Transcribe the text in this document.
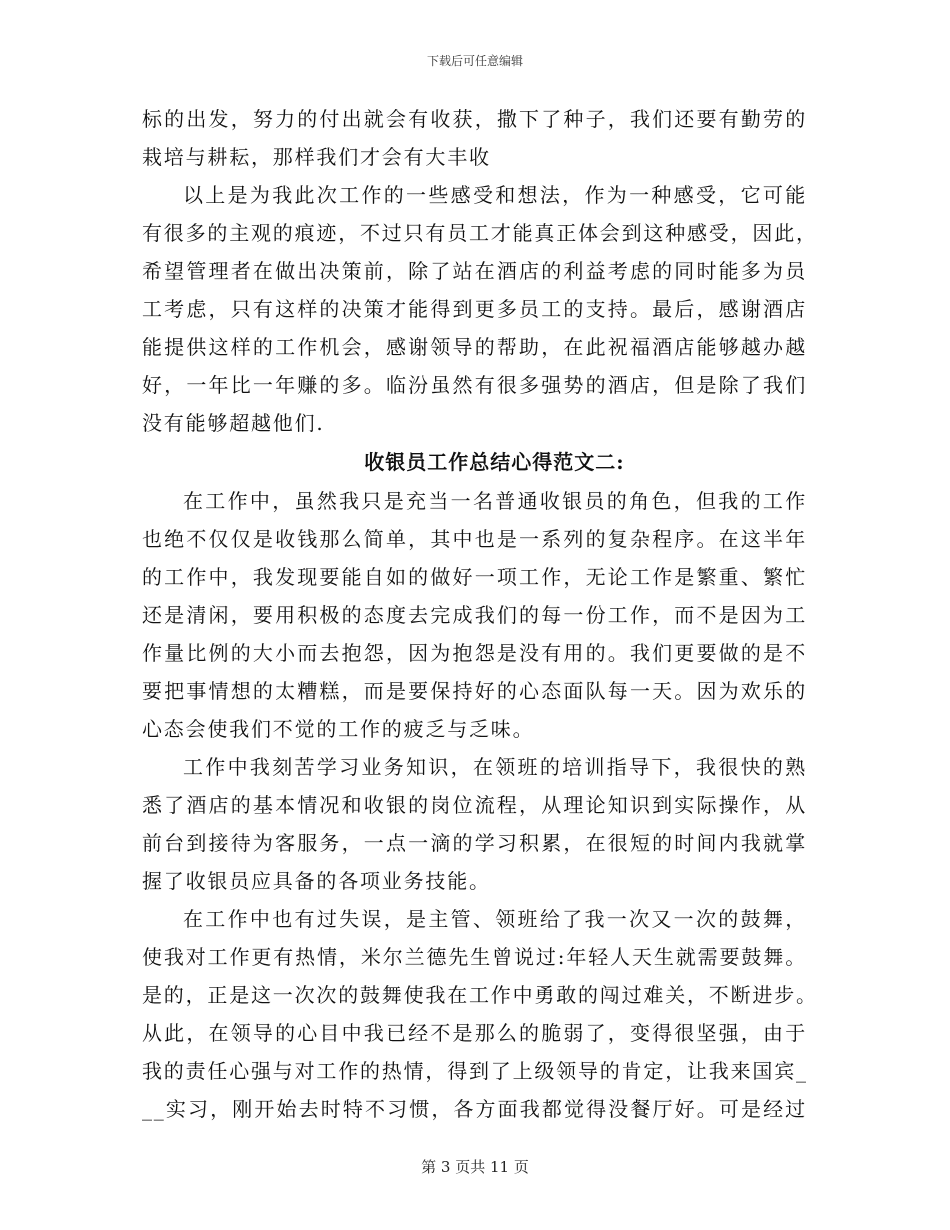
下载后可任意编辑
标的出发，努力的付出就会有收获，撒下了种子，我们还要有勤劳的
栽培与耕耘，那样我们才会有大丰收
以上是为我此次工作的一些感受和想法，作为一种感受，它可能
有很多的主观的痕迹，不过只有员工才能真正体会到这种感受，因此，
希望管理者在做出决策前，除了站在酒店的利益考虑的同时能多为员
工考虑，只有这样的决策才能得到更多员工的支持。最后，感谢酒店
能提供这样的工作机会，感谢领导的帮助，在此祝福酒店能够越办越
好，一年比一年赚的多。临汾虽然有很多强势的酒店，但是除了我们
没有能够超越他们.
收银员工作总结心得范文二:
在工作中，虽然我只是充当一名普通收银员的角色，但我的工作
也绝不仅仅是收钱那么简单，其中也是一系列的复杂程序。在这半年
的工作中，我发现要能自如的做好一项工作，无论工作是繁重、繁忙
还是清闲，要用积极的态度去完成我们的每一份工作，而不是因为工
作量比例的大小而去抱怨，因为抱怨是没有用的。我们更要做的是不
要把事情想的太糟糕，而是要保持好的心态面队每一天。因为欢乐的
心态会使我们不觉的工作的疲乏与乏味。
工作中我刻苦学习业务知识，在领班的培训指导下，我很快的熟
悉了酒店的基本情况和收银的岗位流程，从理论知识到实际操作，从
前台到接待为客服务，一点一滴的学习积累，在很短的时间内我就掌
握了收银员应具备的各项业务技能。
在工作中也有过失误，是主管、领班给了我一次又一次的鼓舞，
使我对工作更有热情，米尔兰德先生曾说过:年轻人天生就需要鼓舞。
是的，正是这一次次的鼓舞使我在工作中勇敢的闯过难关，不断进步。
从此，在领导的心目中我已经不是那么的脆弱了，变得很坚强，由于
我的责任心强与对工作的热情，得到了上级领导的肯定，让我来国宾_
__实习，刚开始去时特不习惯，各方面我都觉得没餐厅好。可是经过
第 3 页共 11 页
